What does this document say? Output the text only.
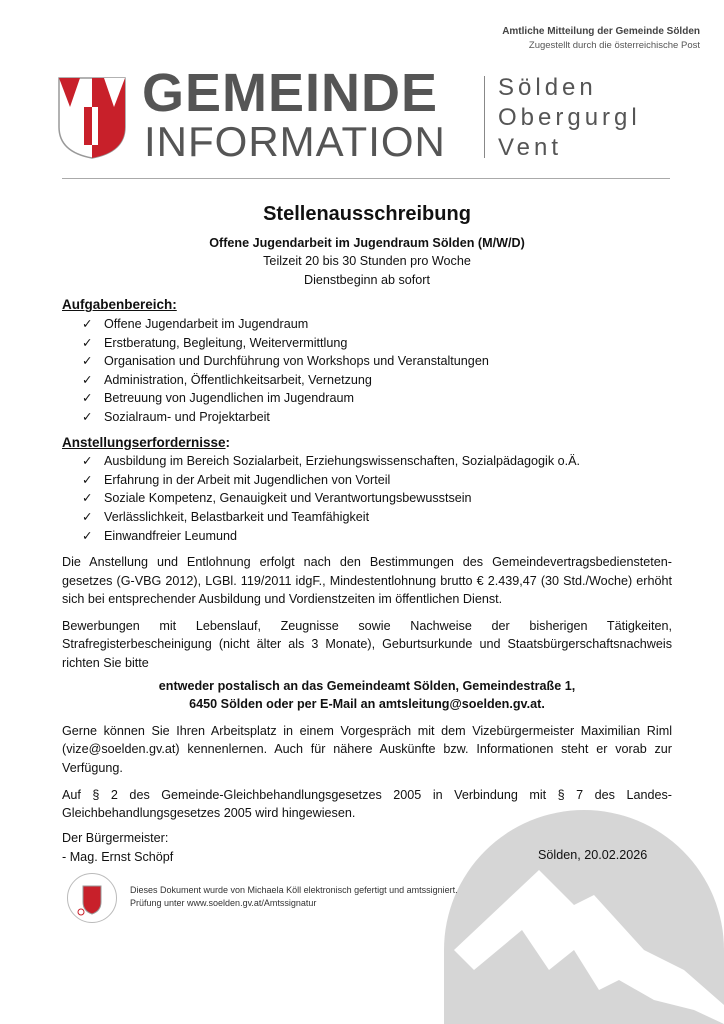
Amtliche Mitteilung der Gemeinde Sölden
Zugestellt durch die österreichische Post
GEMEINDE
INFORMATION
Sölden
Obergurgl
Vent
Stellenausschreibung
Offene Jugendarbeit im Jugendraum Sölden (M/W/D)
Teilzeit 20 bis 30 Stunden pro Woche
Dienstbeginn ab sofort
Aufgabenbereich:
✓ Offene Jugendarbeit im Jugendraum
✓ Erstberatung, Begleitung, Weitervermittlung
✓ Organisation und Durchführung von Workshops und Veranstaltungen
✓ Administration, Öffentlichkeitsarbeit, Vernetzung
✓ Betreuung von Jugendlichen im Jugendraum
✓ Sozialraum- und Projektarbeit
Anstellungserfordernisse:
✓ Ausbildung im Bereich Sozialarbeit, Erziehungswissenschaften, Sozialpädagogik o.Ä.
✓ Erfahrung in der Arbeit mit Jugendlichen von Vorteil
✓ Soziale Kompetenz, Genauigkeit und Verantwortungsbewusstsein
✓ Verlässlichkeit, Belastbarkeit und Teamfähigkeit
✓ Einwandfreier Leumund

Die Anstellung und Entlohnung erfolgt nach den Bestimmungen des Gemeindevertragsbediensteten-gesetzes (G-VBG 2012), LGBl. 119/2011 idgF., Mindestentlohnung brutto € 2.439,47 (30 Std./Woche) erhöht sich bei entsprechender Ausbildung und Vordienstzeiten im öffentlichen Dienst.

Bewerbungen mit Lebenslauf, Zeugnisse sowie Nachweise der bisherigen Tätigkeiten, Strafregisterbescheinigung (nicht älter als 3 Monate), Geburtsurkunde und Staatsbürgerschaftsnachweis richten Sie bitte

entweder postalisch an das Gemeindeamt Sölden, Gemeindestraße 1,
6450 Sölden oder per E-Mail an amtsleitung@soelden.gv.at.

Gerne können Sie Ihren Arbeitsplatz in einem Vorgespräch mit dem Vizebürgermeister Maximilian Riml (vize@soelden.gv.at) kennenlernen. Auch für nähere Auskünfte bzw. Informationen steht er vorab zur Verfügung.

Auf § 2 des Gemeinde-Gleichbehandlungsgesetzes 2005 in Verbindung mit § 7 des Landes-Gleichbehandlungsgesetzes 2005 wird hingewiesen.

Der Bürgermeister:
- Mag. Ernst Schöpf	Sölden, 20.02.2026
Dieses Dokument wurde von Michaela Köll elektronisch gefertigt und amtssigniert.
Prüfung unter www.soelden.gv.at/Amtssignatur
